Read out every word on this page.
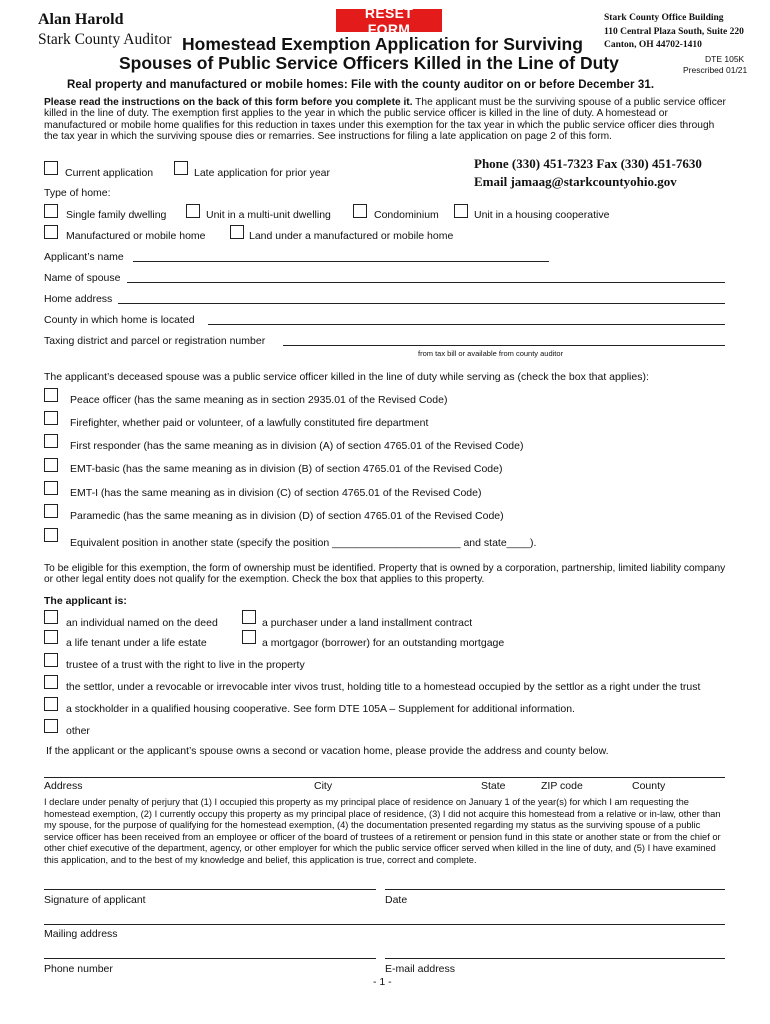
Alan Harold
Stark County Auditor
RESET FORM
Stark County Office Building
110 Central Plaza South, Suite 220
Canton, OH 44702-1410
Homestead Exemption Application for Surviving
Spouses of Public Service Officers Killed in the Line of Duty	DTE 105K
Prescribed 01/21
Real property and manufactured or mobile homes: File with the county auditor on or before December 31.
Please read the instructions on the back of this form before you complete it. The applicant must be the surviving spouse of a public service officer killed in the line of duty. The exemption first applies to the year in which the public service officer is killed in the line of duty. A homestead or manufactured or mobile home qualifies for this reduction in taxes under this exemption for the tax year in which the public service officer dies through the tax year in which the surviving spouse dies or remarries. See instructions for filing a late application on page 2 of this form.
Current application	Late application for prior year
Phone (330) 451-7323 Fax (330) 451-7630
Email jamaag@starkcountyohio.gov
Type of home:
Single family dwelling	Unit in a multi-unit dwelling	Condominium	Unit in a housing cooperative
Manufactured or mobile home	Land under a manufactured or mobile home
Applicant’s name
Name of spouse
Home address
County in which home is located
Taxing district and parcel or registration number
from tax bill or available from county auditor
The applicant’s deceased spouse was a public service officer killed in the line of duty while serving as (check the box that applies):
Peace officer (has the same meaning as in section 2935.01 of the Revised Code)
Firefighter, whether paid or volunteer, of a lawfully constituted fire department
First responder (has the same meaning as in division (A) of section 4765.01 of the Revised Code)
EMT-basic (has the same meaning as in division (B) of section 4765.01 of the Revised Code)
EMT-I (has the same meaning as in division (C) of section 4765.01 of the Revised Code)
Paramedic (has the same meaning as in division (D) of section 4765.01 of the Revised Code)
Equivalent position in another state (specify the position ______________________ and state____).
To be eligible for this exemption, the form of ownership must be identified. Property that is owned by a corporation, partnership, limited liability company or other legal entity does not qualify for the exemption. Check the box that applies to this property.
The applicant is:
an individual named on the deed	a purchaser under a land installment contract
a life tenant under a life estate	a mortgagor (borrower) for an outstanding mortgage
trustee of a trust with the right to live in the property
the settlor, under a revocable or irrevocable inter vivos trust, holding title to a homestead occupied by the settlor as a right under the trust
a stockholder in a qualified housing cooperative. See form DTE 105A – Supplement for additional information.
other
If the applicant or the applicant’s spouse owns a second or vacation home, please provide the address and county below.
Address	City	State	ZIP code	County
I declare under penalty of perjury that (1) I occupied this property as my principal place of residence on January 1 of the year(s) for which I am requesting the homestead exemption, (2) I currently occupy this property as my principal place of residence, (3) I did not acquire this homestead from a relative or in-law, other than my spouse, for the purpose of qualifying for the homestead exemption, (4) the documentation presented regarding my status as the surviving spouse of a public service officer has been received from an employee or officer of the board of trustees of a retirement or pension fund in this state or another state or from the chief or other chief executive of the department, agency, or other employer for which the public service officer served when killed in the line of duty, and (5) I have examined this application, and to the best of my knowledge and belief, this application is true, correct and complete.
Signature of applicant	Date
Mailing address
Phone number	E-mail address
- 1 -
